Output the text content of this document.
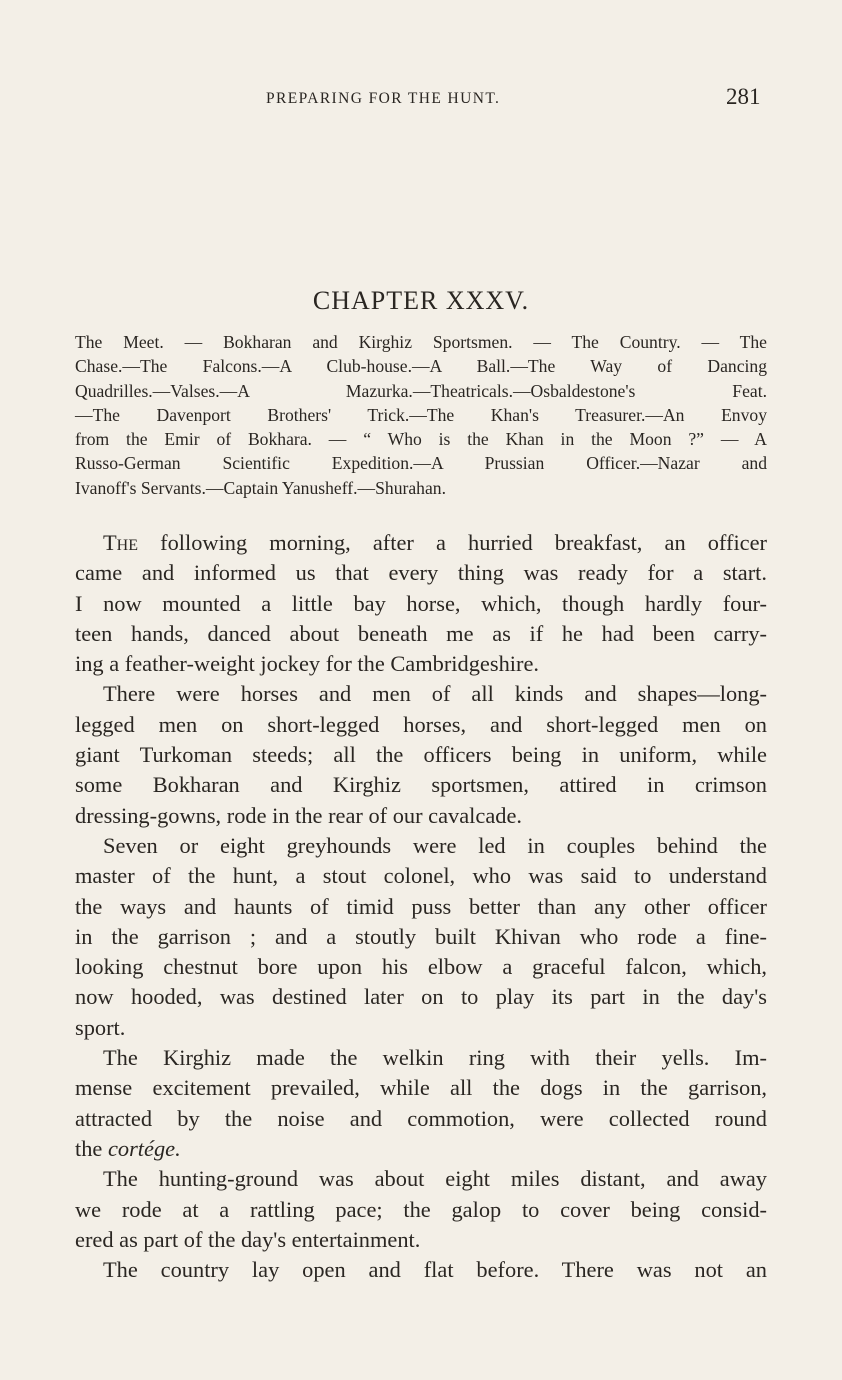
PREPARING FOR THE HUNT.	281
CHAPTER XXXV.
The Meet. — Bokharan and Kirghiz Sportsmen. — The Country. — The
Chase.—The Falcons.—A Club-house.—A Ball.—The Way of Dancing
Quadrilles.—Valses.—A Mazurka.—Theatricals.—Osbaldestone's Feat.
—The Davenport Brothers' Trick.—The Khan's Treasurer.—An Envoy
from the Emir of Bokhara. — “ Who is the Khan in the Moon ?” — A
Russo-German Scientific Expedition.—A Prussian Officer.—Nazar and
Ivanoff's Servants.—Captain Yanusheff.—Shurahan.
The following morning, after a hurried breakfast, an officer
came and informed us that every thing was ready for a start.
I now mounted a little bay horse, which, though hardly four-
teen hands, danced about beneath me as if he had been carry-
ing a feather-weight jockey for the Cambridgeshire.
There were horses and men of all kinds and shapes—long-
legged men on short-legged horses, and short-legged men on
giant Turkoman steeds; all the officers being in uniform, while
some Bokharan and Kirghiz sportsmen, attired in crimson
dressing-gowns, rode in the rear of our cavalcade.
Seven or eight greyhounds were led in couples behind the
master of the hunt, a stout colonel, who was said to understand
the ways and haunts of timid puss better than any other officer
in the garrison ; and a stoutly built Khivan who rode a fine-
looking chestnut bore upon his elbow a graceful falcon, which,
now hooded, was destined later on to play its part in the day's
sport.
The Kirghiz made the welkin ring with their yells. Im-
mense excitement prevailed, while all the dogs in the garrison,
attracted by the noise and commotion, were collected round
the cortége.
The hunting-ground was about eight miles distant, and away
we rode at a rattling pace; the galop to cover being consid-
ered as part of the day's entertainment.
The country lay open and flat before. There was not an
